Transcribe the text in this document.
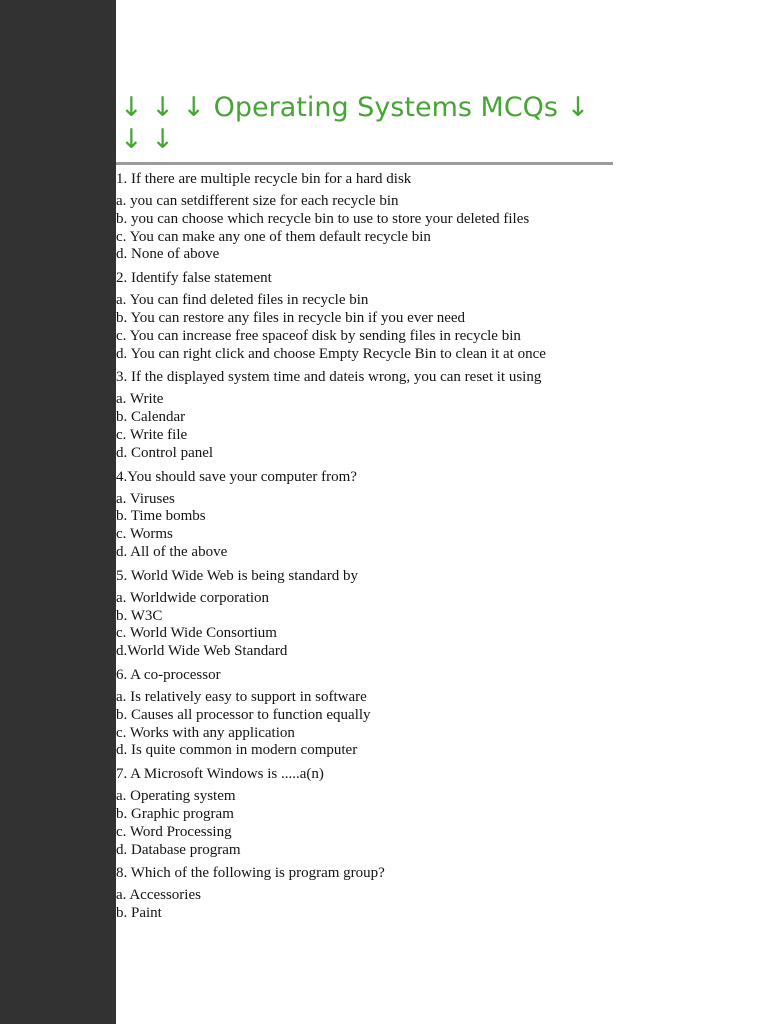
↓ ↓ ↓ Operating Systems MCQs ↓ ↓ ↓

1. If there are multiple recycle bin for a hard disk

a. you can setdifferent size for each recycle bin
b. you can choose which recycle bin to use to store your deleted files
c. You can make any one of them default recycle bin
d. None of above

2. Identify false statement

a. You can find deleted files in recycle bin
b. You can restore any files in recycle bin if you ever need
c. You can increase free spaceof disk by sending files in recycle bin
d. You can right click and choose Empty Recycle Bin to clean it at once

3. If the displayed system time and dateis wrong, you can reset it using

a. Write
b. Calendar
c. Write file
d. Control panel

4.You should save your computer from?

a. Viruses
b. Time bombs
c. Worms
d. All of the above

5. World Wide Web is being standard by

a. Worldwide corporation
b. W3C
c. World Wide Consortium
d.World Wide Web Standard

6. A co-processor

a. Is relatively easy to support in software
b. Causes all processor to function equally
c. Works with any application
d. Is quite common in modern computer

7. A Microsoft Windows is .....a(n)

a. Operating system
b. Graphic program
c. Word Processing
d. Database program

8. Which of the following is program group?

a. Accessories
b. Paint
